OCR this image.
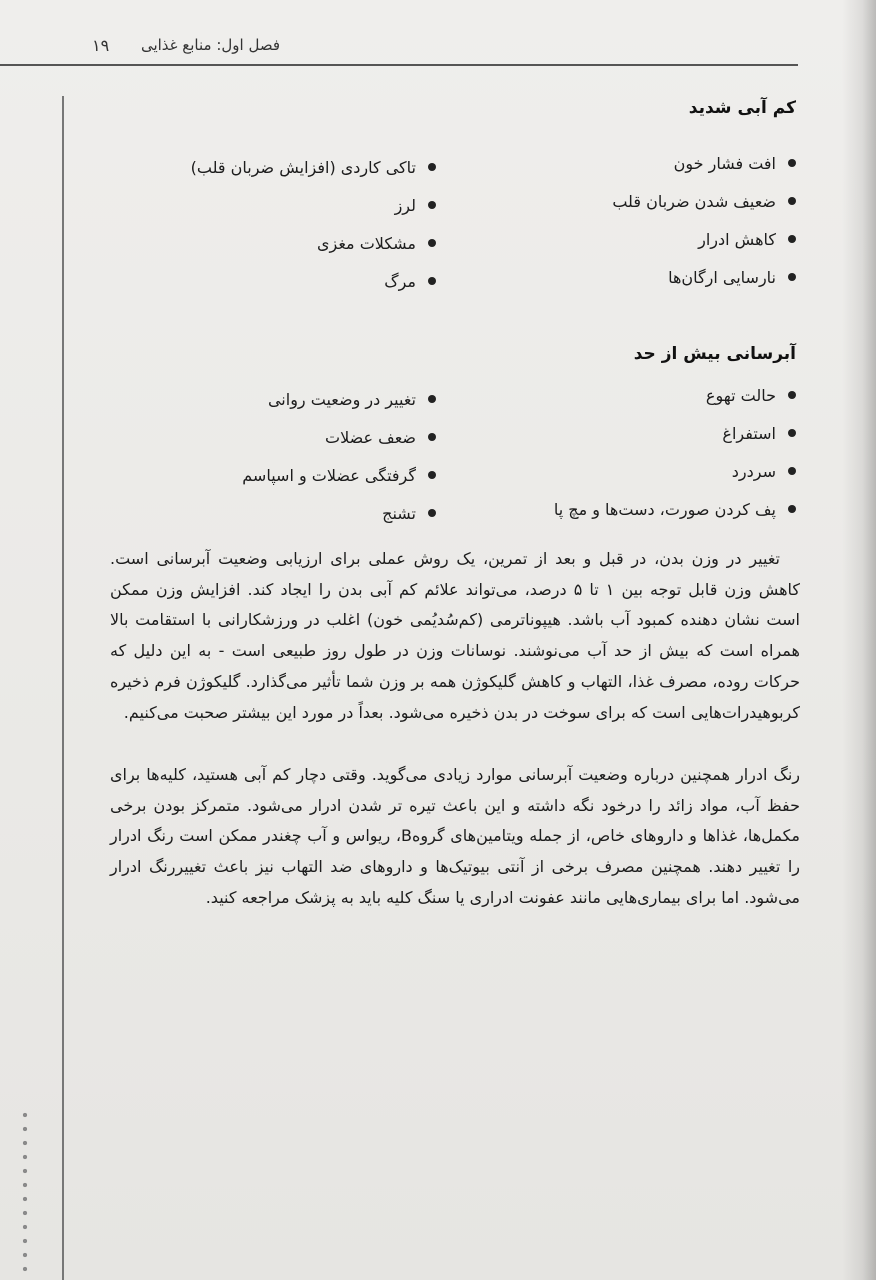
فصل اول: منابع غذایی
۱۹
کم آبی شدید
افت فشار خون
ضعیف شدن ضربان قلب
کاهش ادرار
نارسایی ارگان‌ها
تاکی کاردی (افزایش ضربان قلب)
لرز
مشکلات مغزی
مرگ
آبرسانی بیش از حد
حالت تهوع
استفراغ
سردرد
پف کردن صورت، دست‌ها و مچ پا
تغییر در وضعیت روانی
ضعف عضلات
گرفتگی عضلات و اسپاسم
تشنج

تغییر در وزن بدن، در قبل و بعد از تمرین، یک روش عملی برای ارزیابی وضعیت آبرسانی است. کاهش وزن قابل توجه بین ۱ تا ۵ درصد، می‌تواند علائم کم آبی بدن را ایجاد کند. افزایش وزن ممکن است نشان دهنده کمبود آب باشد. هیپوناترمی (کم‌سُدیُمی خون) اغلب در ورزشکارانی با استقامت بالا همراه است که بیش از حد آب می‌نوشند. نوسانات وزن در طول روز طبیعی است - به این دلیل که حرکات روده، مصرف غذا، التهاب و کاهش گلیکوژن همه بر وزن شما تأثیر می‌گذارد. گلیکوژن فرم ذخیره کربوهیدرات‌هایی است که برای سوخت در بدن ذخیره می‌شود. بعداً در مورد این بیشتر صحبت می‌کنیم.

رنگ ادرار همچنین درباره وضعیت آبرسانی موارد زیادی می‌گوید. وقتی دچار کم آبی هستید، کلیه‌ها برای حفظ آب، مواد زائد را درخود نگه داشته و این باعث تیره تر شدن ادرار می‌شود. متمرکز بودن برخی مکمل‌ها، غذاها و داروهای خاص، از جمله ویتامین‌های گروهB، ریواس و آب چغندر ممکن است رنگ ادرار را تغییر دهند. همچنین مصرف برخی از آنتی بیوتیک‌ها و داروهای ضد التهاب نیز باعث تغییررنگ ادرار می‌شود. اما برای بیماری‌هایی مانند عفونت ادراری یا سنگ کلیه باید به پزشک مراجعه کنید.
